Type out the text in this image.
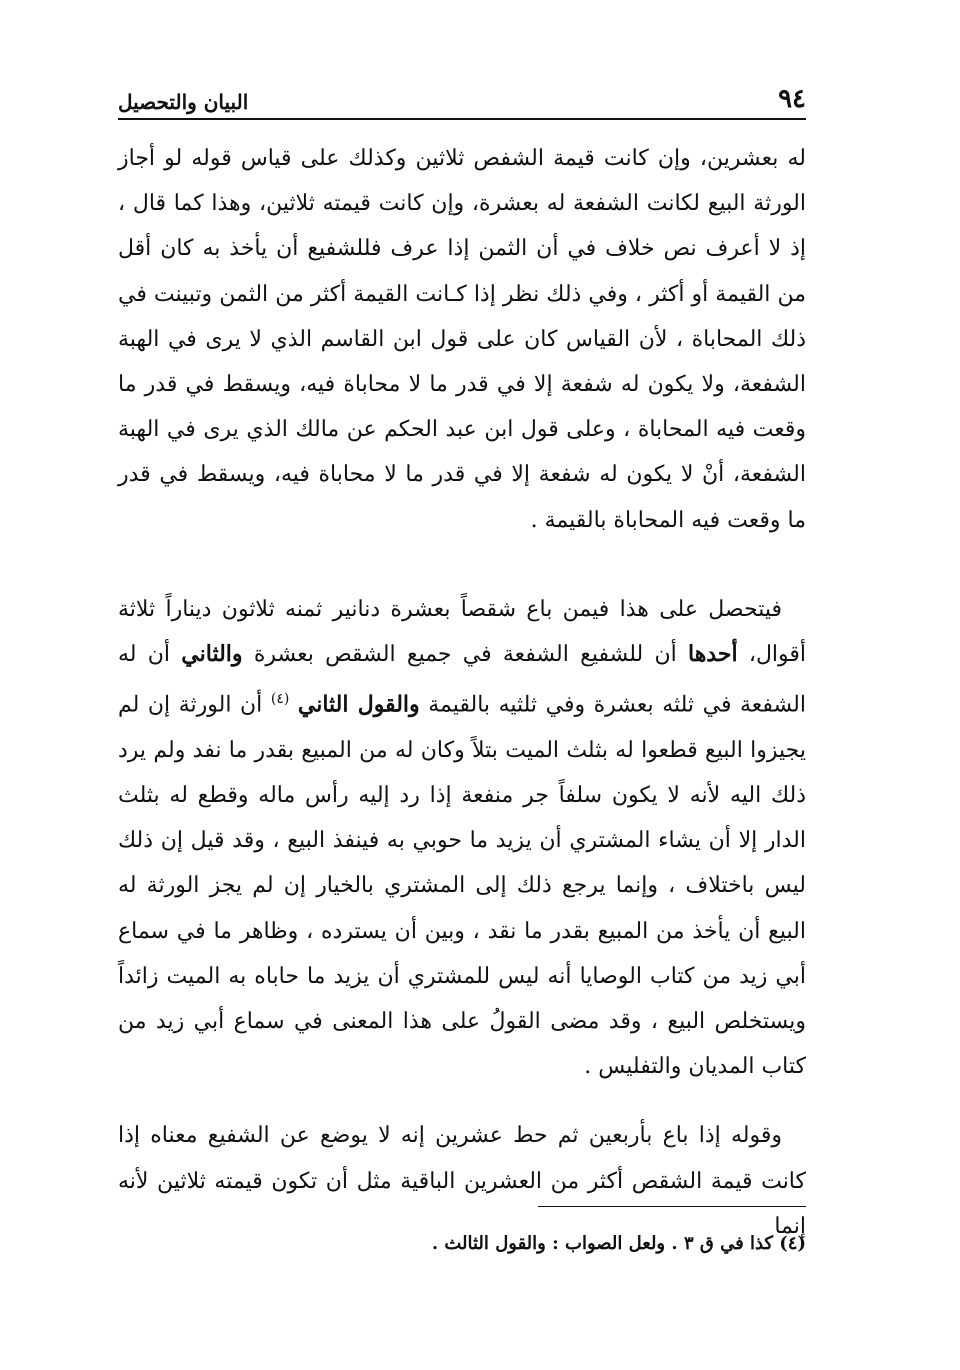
٩٤
البيان والتحصيل

له بعشرين، وإن كانت قيمة الشفص ثلاثين وكذلك على قياس قوله لو أجاز الورثة البيع لكانت الشفعة له بعشرة، وإن كانت قيمته ثلاثين، وهذا كما قال ، إذ لا أعرف نص خلاف في أن الثمن إذا عرف فللشفيع أن يأخذ به كان أقل من القيمة أو أكثر ، وفي ذلك نظر إذا كـانت القيمة أكثر من الثمن وتبينت في ذلك المحاباة ، لأن القياس كان على قول ابن القاسم الذي لا يرى في الهبة الشفعة، ولا يكون له شفعة إلا في قدر ما لا محاباة فيه، ويسقط في قدر ما وقعت فيه المحاباة ، وعلى قول ابن عبد الحكم عن مالك الذي يرى في الهبة الشفعة، أنْ لا يكون له شفعة إلا في قدر ما لا محاباة فيه، ويسقط في قدر ما وقعت فيه المحاباة بالقيمة .

فيتحصل على هذا فيمن باع شقصاً بعشرة دنانير ثمنه ثلاثون ديناراً ثلاثة أقوال، أحدها أن للشفيع الشفعة في جميع الشقص بعشرة والثاني أن له الشفعة في ثلثه بعشرة وفي ثلثيه بالقيمة والقول الثاني $^{(٤)}$ أن الورثة إن لم يجيزوا البيع قطعوا له بثلث الميت بتلاً وكان له من المبيع بقدر ما نفد ولم يرد ذلك اليه لأنه لا يكون سلفاً جر منفعة إذا رد إليه رأس ماله وقطع له بثلث الدار إلا أن يشاء المشتري أن يزيد ما حوبي به فينفذ البيع ، وقد قيل إن ذلك ليس باختلاف ، وإنما يرجع ذلك إلى المشتري بالخيار إن لم يجز الورثة له البيع أن يأخذ من المبيع بقدر ما نقد ، وبين أن يسترده ، وظاهر ما في سماع أبي زيد من كتاب الوصايا أنه ليس للمشتري أن يزيد ما حاباه به الميت زائداً ويستخلص البيع ، وقد مضى القولُ على هذا المعنى في سماع أبي زيد من كتاب المديان والتفليس .

وقوله إذا باع بأربعين ثم حط عشرين إنه لا يوضع عن الشفيع معناه إذا كانت قيمة الشقص أكثر من العشرين الباقية مثل أن تكون قيمته ثلاثين لأنه إنما

(٤) كذا في ق ٣ . ولعل الصواب : والقول الثالث .
